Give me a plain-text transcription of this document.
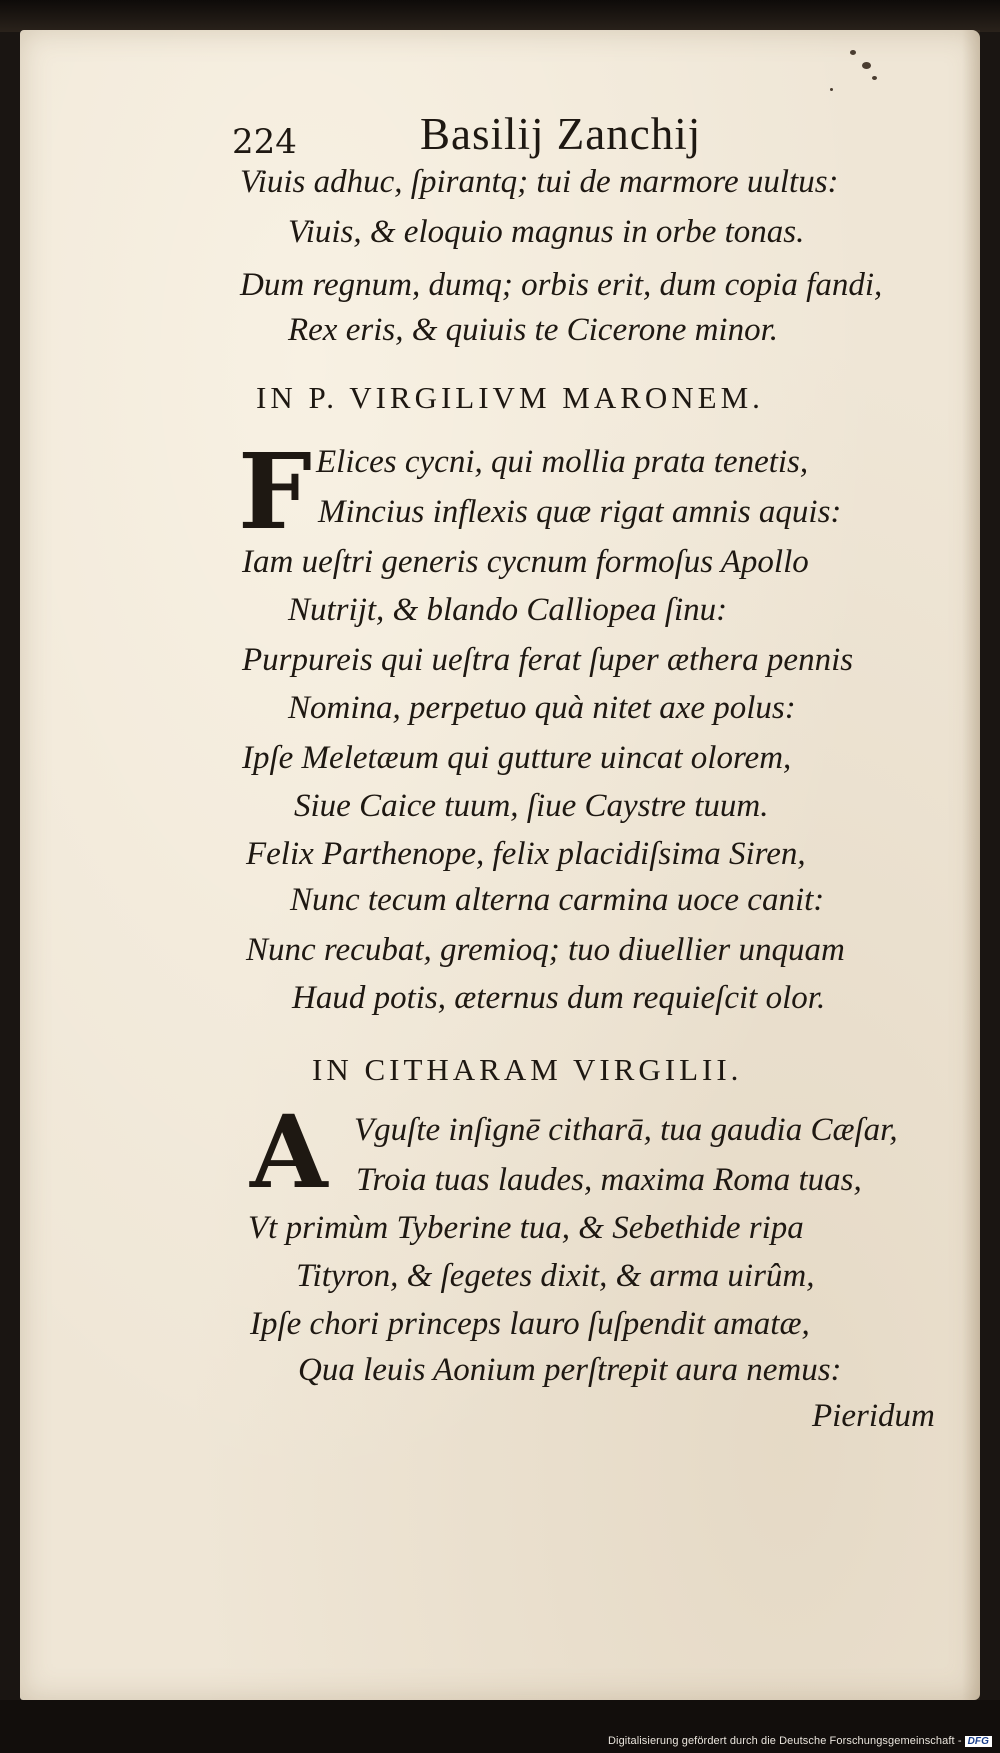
224	Basilij Zanchij
Viuis adhuc, ſpirantq; tui de marmore uultus:
Viuis, & eloquio magnus in orbe tonas.
Dum regnum, dumq; orbis erit, dum copia fandi,
Rex eris, & quiuis te Cicerone minor.
IN P. VIRGILIVM MARONEM.
F Elices cycni, qui mollia prata tenetis,
Mincius inflexis quæ rigat amnis aquis:
Iam ueſtri generis cycnum formoſus Apollo
Nutrijt, & blando Calliopea ſinu:
Purpureis qui ueſtra ferat ſuper æthera pennis
Nomina, perpetuo quà nitet axe polus:
Ipſe Meletæum qui gutture uincat olorem,
Siue Caice tuum, ſiue Caystre tuum.
Felix Parthenope, felix placidiſsima Siren,
Nunc tecum alterna carmina uoce canit:
Nunc recubat, gremioq; tuo diuellier unquam
Haud potis, æternus dum requieſcit olor.
IN CITHARAM VIRGILII.
A Vguſte inſignē citharā, tua gaudia Cæſar,
Troia tuas laudes, maxima Roma tuas,
Vt primùm Tyberine tua, & Sebethide ripa
Tityron, & ſegetes dixit, & arma uirûm,
Ipſe chori princeps lauro ſuſpendit amatæ,
Qua leuis Aonium perſtrepit aura nemus:
Pieridum
Digitalisierung gefördert durch die Deutsche Forschungsgemeinschaft - DFG
